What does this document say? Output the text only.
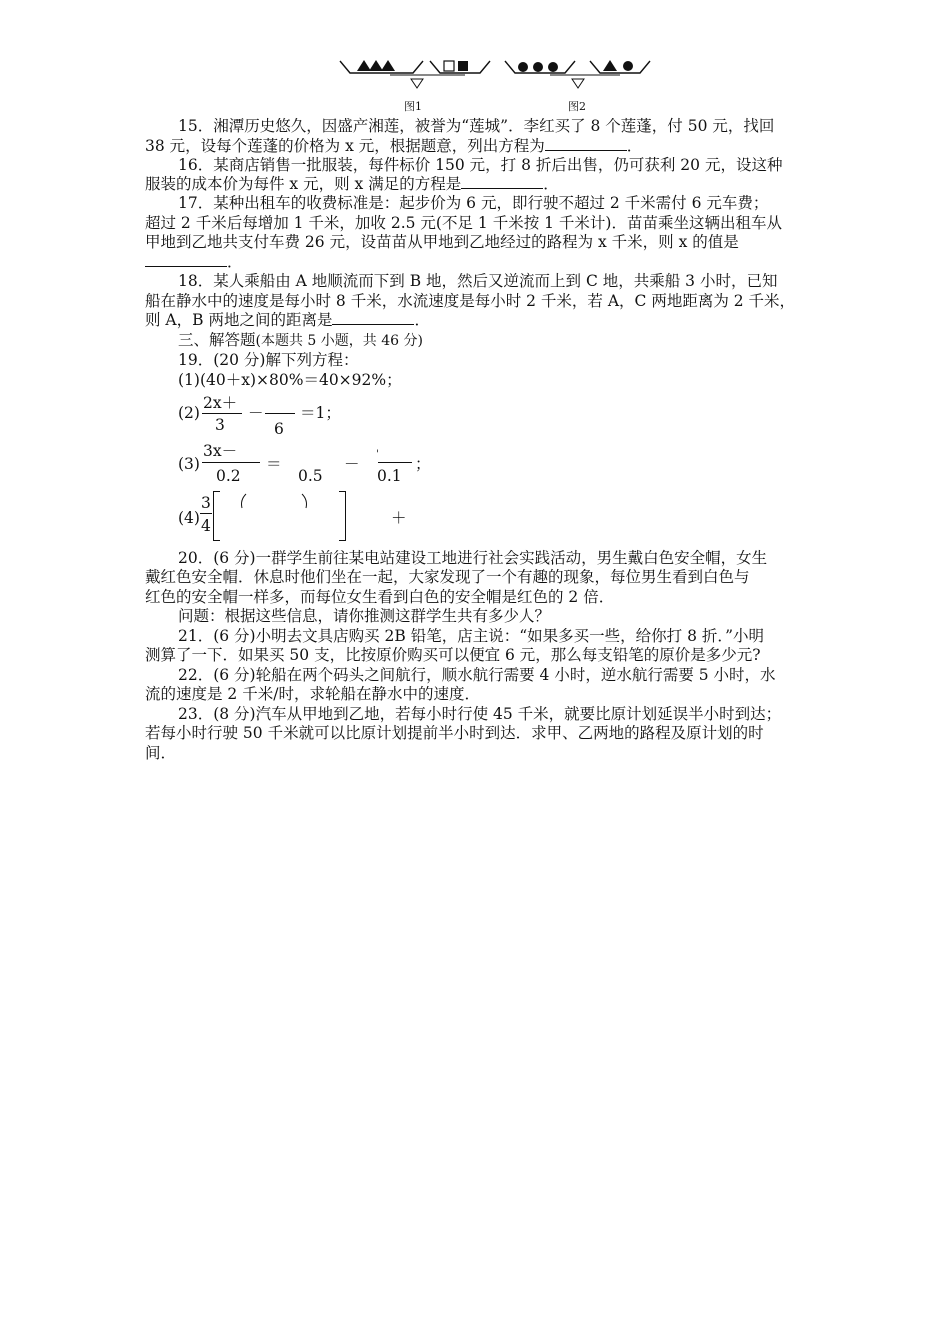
图1	图2
15．湘潭历史悠久，因盛产湘莲，被誉为“莲城”．李红买了 8 个莲蓬，付 50 元，找回
38 元，设每个莲蓬的价格为 x 元，根据题意，列出方程为	．
16．某商店销售一批服装，每件标价 150 元，打 8 折后出售，仍可获利 20 元，设这种
服装的成本价为每件 x 元，则 x 满足的方程是	．
17．某种出租车的收费标准是：起步价为 6 元，即行驶不超过 2 千米需付 6 元车费；
超过 2 千米后每增加 1 千米，加收 2.5 元(不足 1 千米按 1 千米计)．苗苗乘坐这辆出租车从
甲地到乙地共支付车费 26 元，设苗苗从甲地到乙地经过的路程为 x 千米，则 x 的值是
．
18．某人乘船由 A 地顺流而下到 B 地，然后又逆流而上到 C 地，共乘船 3 小时，已知
船在静水中的速度是每小时 8 千米，水流速度是每小时 2 千米，若 A，C 两地距离为 2 千米，
则 A，B 两地之间的距离是	．
三、解答题(本题共 5 小题，共 46 分)
19．(20 分)解下列方程：
(1)(40＋x)×80%＝40×92%；
(2)
2x＋
3
－
6
＝1；
(3)
3x－
0.2
＝
0.5
－
'
0.1
；
(4)
3
4	＋
20．(6 分)一群学生前往某电站建设工地进行社会实践活动，男生戴白色安全帽，女生
戴红色安全帽．休息时他们坐在一起，大家发现了一个有趣的现象，每位男生看到白色与
红色的安全帽一样多，而每位女生看到白色的安全帽是红色的 2 倍．
问题：根据这些信息，请你推测这群学生共有多少人？
21．(6 分)小明去文具店购买 2B 铅笔，店主说：“如果多买一些，给你打 8 折．”小明
测算了一下．如果买 50 支，比按原价购买可以便宜 6 元，那么每支铅笔的原价是多少元?
22．(6 分)轮船在两个码头之间航行，顺水航行需要 4 小时，逆水航行需要 5 小时，水
流的速度是 2 千米/时，求轮船在静水中的速度．
23．(8 分)汽车从甲地到乙地，若每小时行使 45 千米，就要比原计划延误半小时到达；
若每小时行驶 50 千米就可以比原计划提前半小时到达．求甲、乙两地的路程及原计划的时
间．
